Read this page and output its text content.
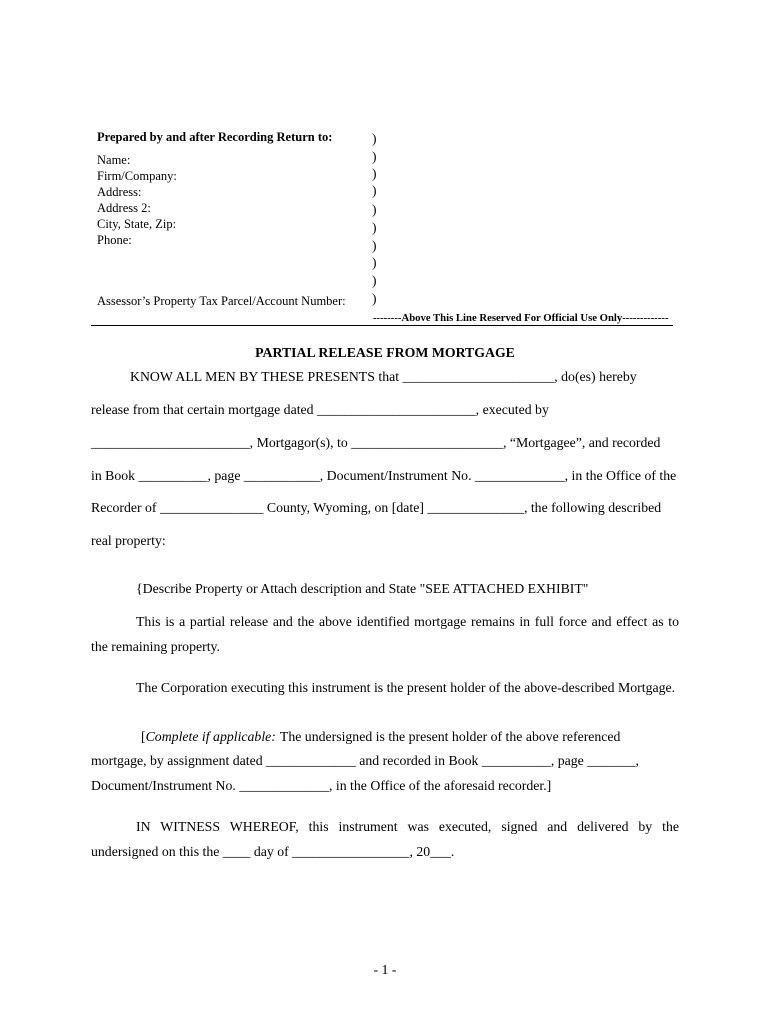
Prepared by and after Recording Return to:
Name:
Firm/Company:
Address:
Address 2:
City, State, Zip:
Phone:
Assessor’s Property Tax Parcel/Account Number:
)
)
)
)
)
)
)
)
)
)
--------Above This Line Reserved For Official Use Only-------------
PARTIAL RELEASE FROM MORTGAGE
KNOW ALL MEN BY THESE PRESENTS that ______________________, do(es) hereby
release from that certain mortgage dated _______________________, executed by
_______________________, Mortgagor(s), to ______________________, “Mortgagee”, and recorded
in Book __________, page ___________, Document/Instrument No. _____________, in the Office of the
Recorder of _______________ County, Wyoming, on [date] ______________, the following described
real property:
{Describe Property or Attach description and State "SEE ATTACHED EXHIBIT"
This is a partial release and the above identified mortgage remains in full force and effect as to
the remaining property.
The Corporation executing this instrument is the present holder of the above-described Mortgage.
[Complete if applicable: The undersigned is the present holder of the above referenced
mortgage, by assignment dated _____________ and recorded in Book __________, page _______,
Document/Instrument No. _____________, in the Office of the aforesaid recorder.]
IN WITNESS WHEREOF, this instrument was executed, signed and delivered by the
undersigned on this the ____ day of _________________, 20___.
- 1 -
